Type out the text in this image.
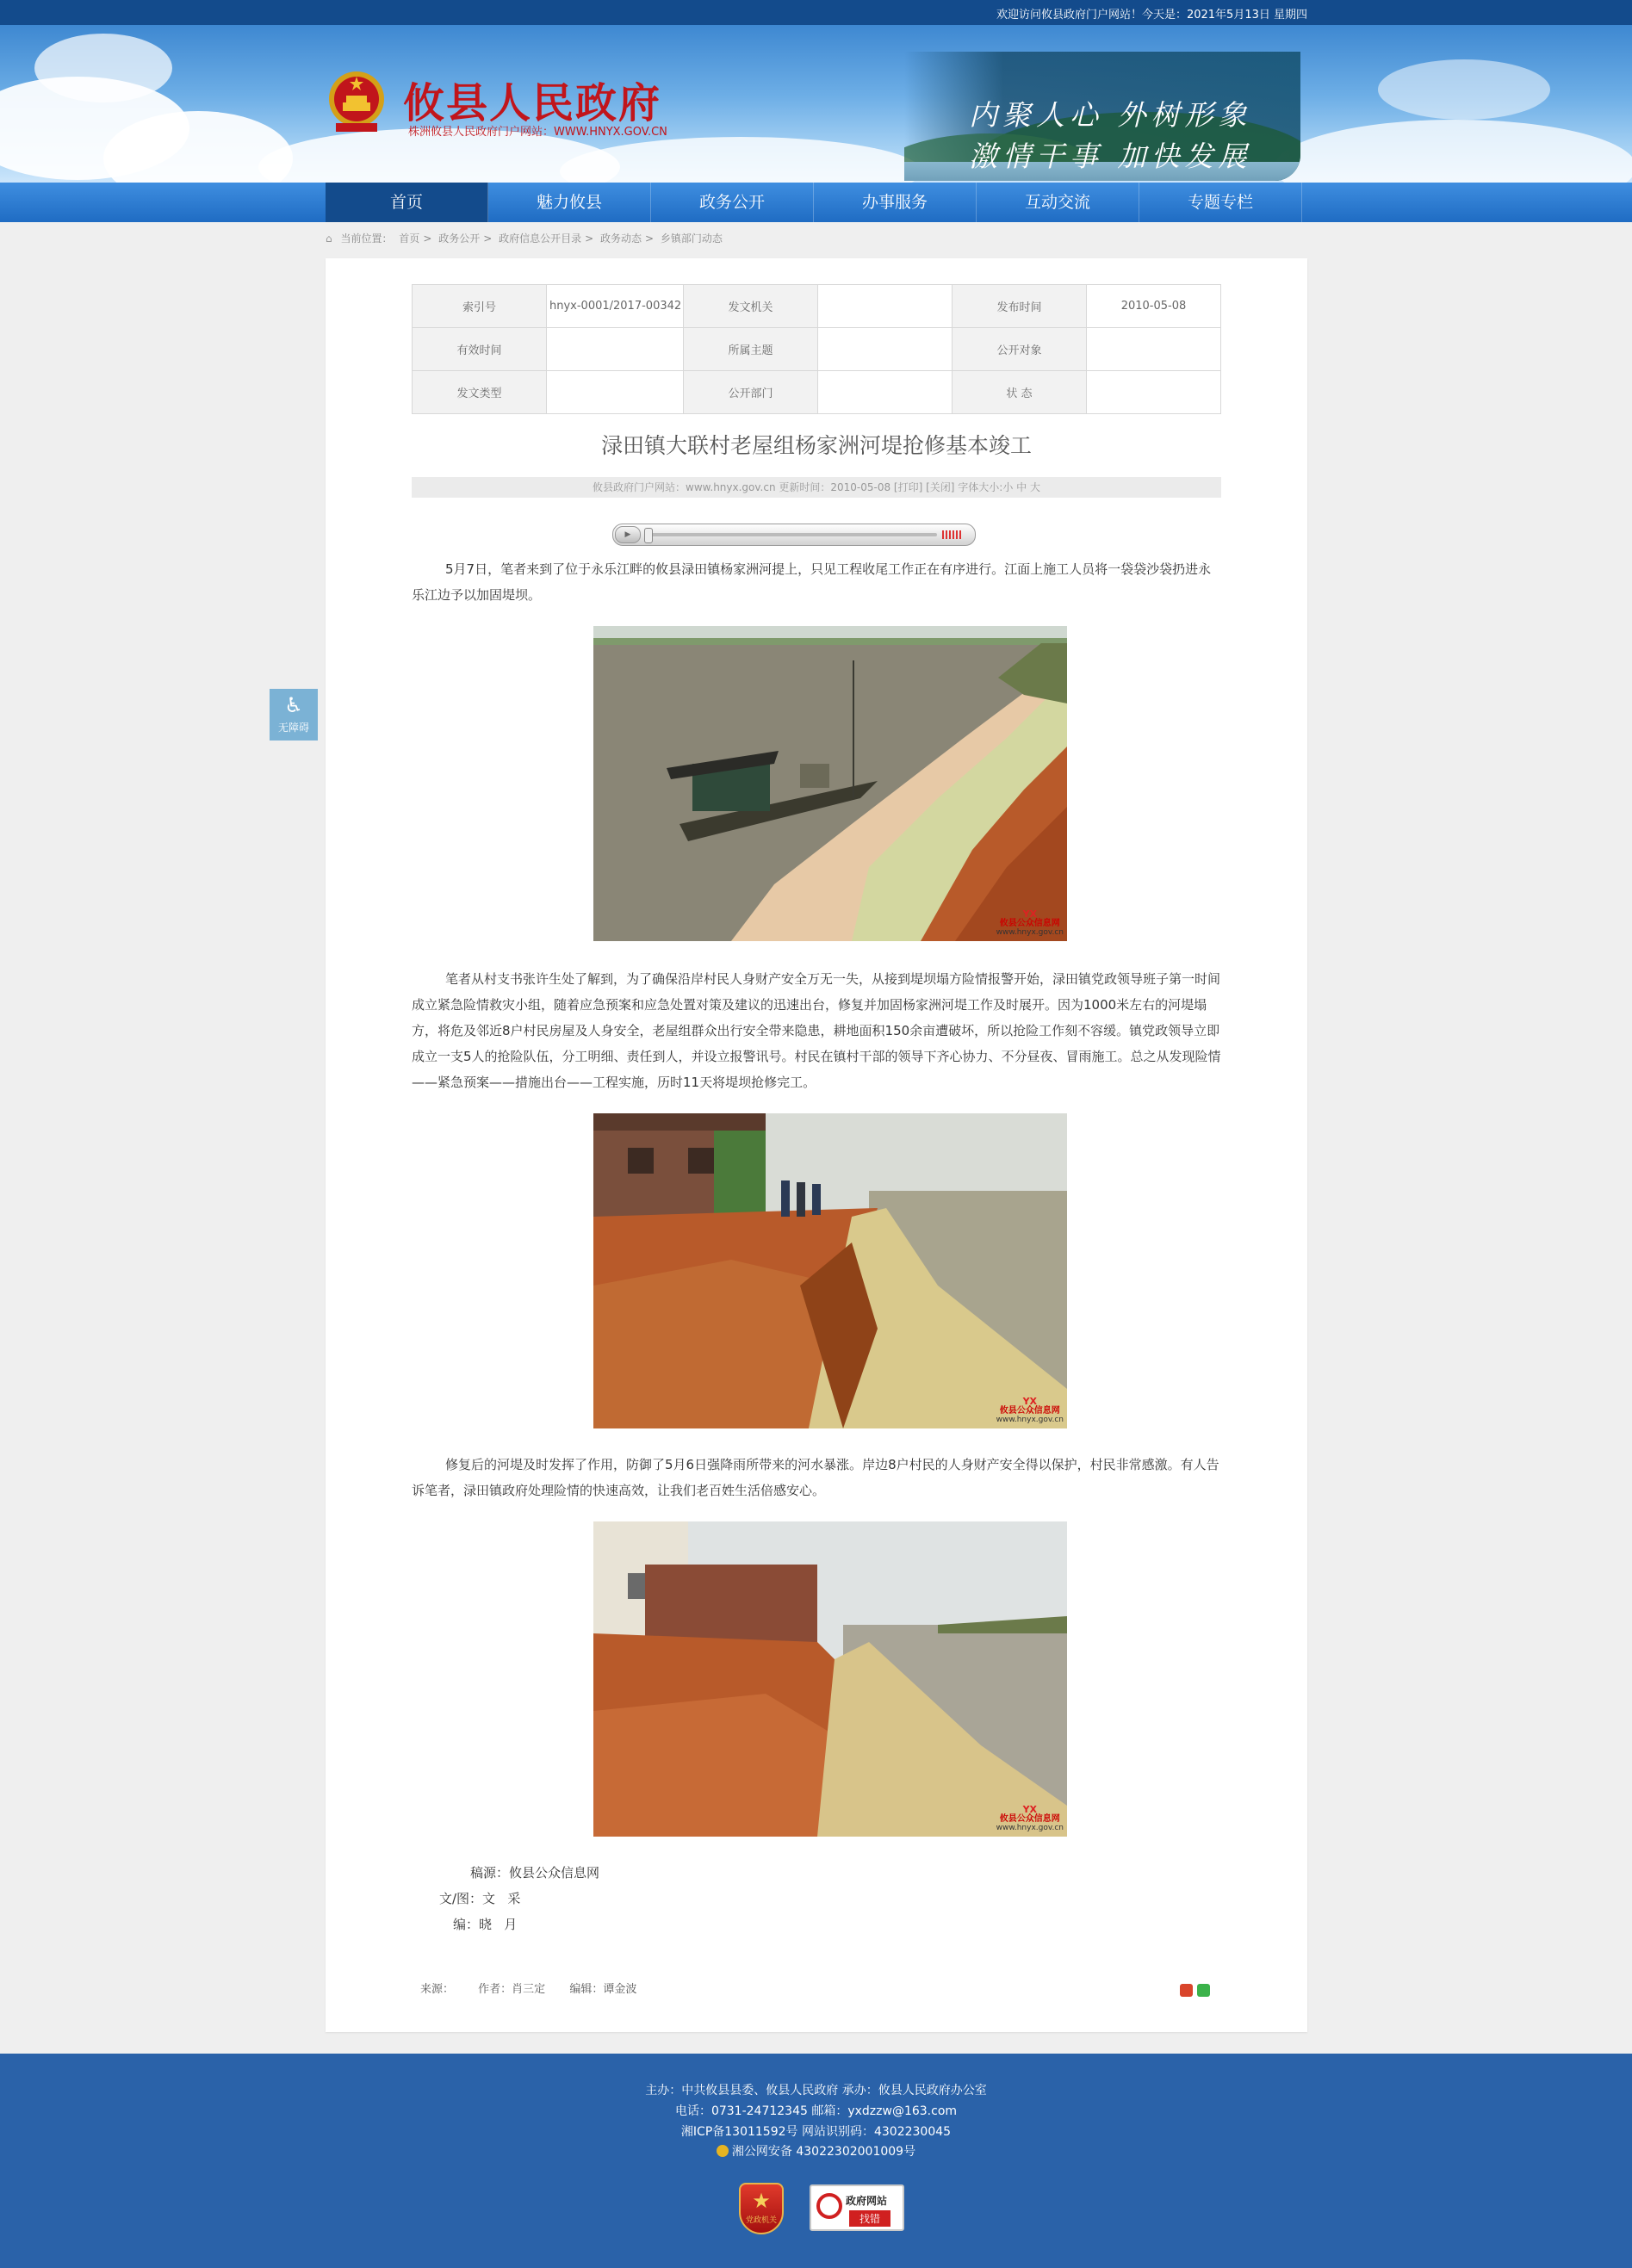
欢迎访问攸县政府门户网站！今天是：2021年5月13日 星期四
攸县人民政府
株洲攸县人民政府门户网站：WWW.HNYX.GOV.CN
内聚人心 外树形象
激情干事 加快发展
首页	魅力攸县	政务公开	办事服务	互动交流	专题专栏
⌂ 当前位置： 首页 > 政务公开 > 政府信息公开目录 > 政务动态 > 乡镇部门动态
♿
无障碍
索引号	hnyx-0001/2017-00342	发文机关		发布时间	2010-05-08
有效时间		所属主题		公开对象	
发文类型		公开部门		状 态	
渌田镇大联村老屋组杨家洲河堤抢修基本竣工
攸县政府门户网站：www.hnyx.gov.cn 更新时间：2010-05-08 [打印] [关闭] 字体大小:小 中 大
▶

5月7日，笔者来到了位于永乐江畔的攸县渌田镇杨家洲河提上，只见工程收尾工作正在有序进行。江面上施工人员将一袋袋沙袋扔进永乐江边予以加固堤坝。

YX
攸县公众信息网
www.hnyx.gov.cn

笔者从村支书张许生处了解到，为了确保沿岸村民人身财产安全万无一失，从接到堤坝塌方险情报警开始，渌田镇党政领导班子第一时间成立紧急险情救灾小组，随着应急预案和应急处置对策及建议的迅速出台，修复并加固杨家洲河堤工作及时展开。因为1000米左右的河堤塌方，将危及邻近8户村民房屋及人身安全，老屋组群众出行安全带来隐患，耕地面积150余亩遭破坏，所以抢险工作刻不容缓。镇党政领导立即成立一支5人的抢险队伍，分工明细、责任到人，并设立报警讯号。村民在镇村干部的领导下齐心协力、不分昼夜、冒雨施工。总之从发现险情——紧急预案——措施出台——工程实施，历时11天将堤坝抢修完工。

YX
攸县公众信息网
www.hnyx.gov.cn

修复后的河堤及时发挥了作用，防御了5月6日强降雨所带来的河水暴涨。岸边8户村民的人身财产安全得以保护，村民非常感激。有人告诉笔者，渌田镇政府处理险情的快速高效，让我们老百姓生活倍感安心。

YX
攸县公众信息网
www.hnyx.gov.cn
稿源：攸县公众信息网
文/图：文   采
编：晓   月
来源： 作者：肖三定 编辑：谭金波
主办：中共攸县县委、攸县人民政府 承办：攸县人民政府办公室
电话：0731-24712345 邮箱：yxdzzw@163.com
湘ICP备13011592号 网站识别码：4302230045
湘公网安备 43022302001009号
★
党政机关
政府网站
找错
